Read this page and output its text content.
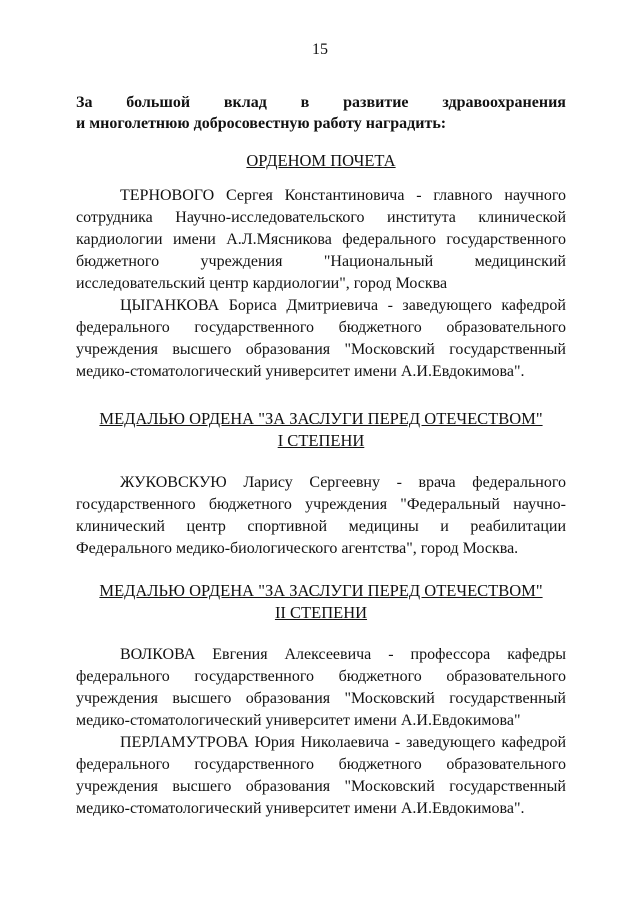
15
За большой вклад в развитие здравоохранения
и многолетнюю добросовестную работу наградить:
ОРДЕНОМ ПОЧЕТА

ТЕРНОВОГО Сергея Константиновича - главного научного сотрудника Научно-исследовательского института клинической кардиологии имени А.Л.Мясникова федерального государственного бюджетного учреждения "Национальный медицинский исследовательский центр кардиологии", город Москва

ЦЫГАНКОВА Бориса Дмитриевича - заведующего кафедрой федерального государственного бюджетного образовательного учреждения высшего образования "Московский государственный медико-стоматологический университет имени А.И.Евдокимова".

МЕДАЛЬЮ ОРДЕНА "ЗА ЗАСЛУГИ ПЕРЕД ОТЕЧЕСТВОМ"
I СТЕПЕНИ

ЖУКОВСКУЮ Ларису Сергеевну - врача федерального государственного бюджетного учреждения "Федеральный научно-клинический центр спортивной медицины и реабилитации Федерального медико-биологического агентства", город Москва.

МЕДАЛЬЮ ОРДЕНА "ЗА ЗАСЛУГИ ПЕРЕД ОТЕЧЕСТВОМ"
II СТЕПЕНИ

ВОЛКОВА Евгения Алексеевича - профессора кафедры федерального государственного бюджетного образовательного учреждения высшего образования "Московский государственный медико-стоматологический университет имени А.И.Евдокимова"

ПЕРЛАМУТРОВА Юрия Николаевича - заведующего кафедрой федерального государственного бюджетного образовательного учреждения высшего образования "Московский государственный медико-стоматологический университет имени А.И.Евдокимова".
